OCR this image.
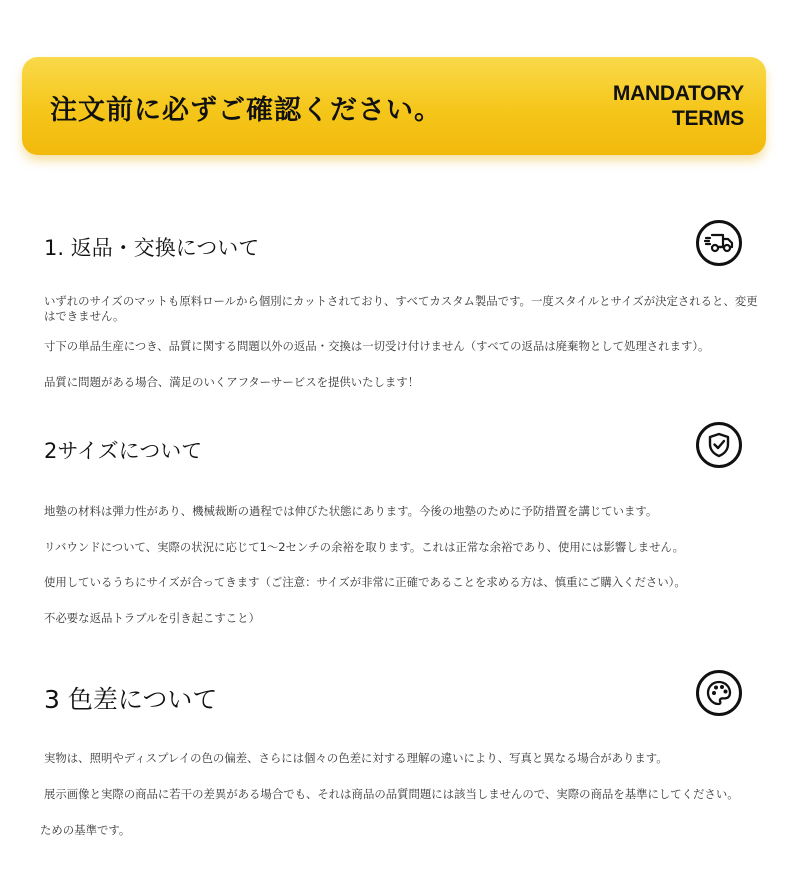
注文前に必ずご確認ください。
MANDATORY
TERMS
1. 返品・交換について
いずれのサイズのマットも原料ロールから個別にカットされており、すべてカスタム製品です。一度スタイルとサイズが決定されると、変更はできません。
寸下の単品生産につき、品質に関する問題以外の返品・交換は一切受け付けません（すべての返品は廃棄物として処理されます）。
品質に問題がある場合、満足のいくアフターサービスを提供いたします！
2サイズについて
地塾の材料は弾力性があり、機械裁断の過程では伸びた状態にあります。今後の地塾のために予防措置を講じています。
リバウンドについて、実際の状況に応じて1〜2センチの余裕を取ります。これは正常な余裕であり、使用には影響しません。
使用しているうちにサイズが合ってきます（ご注意：サイズが非常に正確であることを求める方は、慎重にご購入ください）。
不必要な返品トラブルを引き起こすこと）
3 色差について
実物は、照明やディスプレイの色の偏差、さらには個々の色差に対する理解の違いにより、写真と異なる場合があります。
展示画像と実際の商品に若干の差異がある場合でも、それは商品の品質問題には該当しませんので、実際の商品を基準にしてください。
ための基準です。
